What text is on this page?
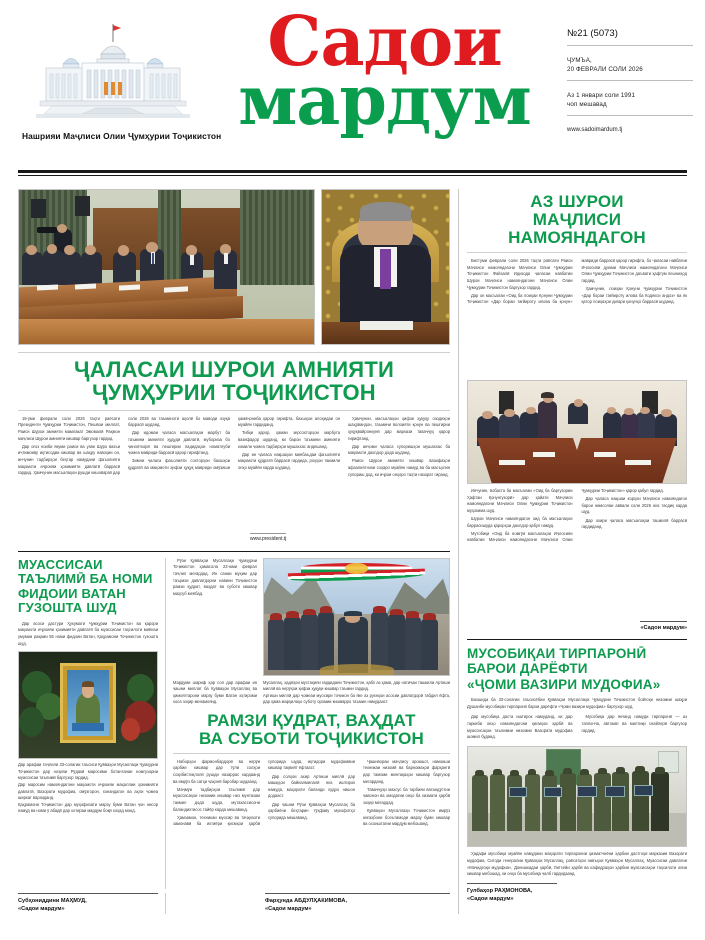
Нашрияи Маҷлиси Олии Ҷумҳурии Тоҷикистон
Садои
мардум
№21 (5073)
ҶУМЪА,
20 ФЕВРАЛИ СОЛИ 2026
Аз 1 январи соли 1991
чоп мешавад
www.sadoimardum.tj
ҶАЛАСАИ ШУРОИ АМНИЯТИ
ҶУМҲУРИИ ТОҶИКИСТОН

19-уми феврали соли 2026 таҳти раёсати Президенти Ҷумҳурии Тоҷикистон, Пешвои миллат, Раиси Шурои амнияти мамлакат Эмомалӣ Раҳмон маҷлиси Шурои амнияти кишвар баргузор гардид.

Дар оғоз ноиби якуми раиси ва узви Шуро вазъи иҷтимоиву иқтисодии кишвар ва шаҳру навоҳии он, инчунин тадбирҳои беҳтар намудани фаъолияти мақомоти иҷроияи ҳокимияти давлатӣ баррасӣ гардид. Ҳамчунин масъалаҳои рушди кишоварзӣ дар соли 2026 ва таъминоти аҳолӣ бо маводи озуқа баррасӣ шуданд.

Дар идомаи ҷаласа масъалаҳои марбут ба таъмини амнияти ҳудуди давлатӣ, мубориза бо ҷинояткорӣ ва пешгирии падидаҳои номатлуби ҷомеа мавриди баррасӣ қарор гирифтанд.

Зимни ҷаласа фаъолияти сохторҳои бахшҳои қудратӣ ва мақомоти ҳифзи ҳуқуқ мавриди омӯзиши ҳамаҷониба қарор гирифта, бахшҳои алоҳидаи он муайян гардиданд.

Тибқи қарор, ҳамаи зерсохторҳои марбута вазифадор шуданд, ки барои таъмини амнияти комили ҷомеа тадбирҳои мушаххас андешанд.

Дар ин ҷаласа нақшаҳои минбаъдаи фаъолияти мақомоти қудратӣ баррасӣ гардида, роҳҳои такмили онҳо муайян карда шуданд.

Ҳамчунин, масъалаҳои ҳифзи ҳуқуқу озодиҳои шаҳрвандон, таъмини волоияти қонун ва пешгирии ҳуқуқвайронкунӣ дар маркази таваҷҷуҳ қарор гирифтанд.

Дар анҷоми ҷаласа супоришҳои мушаххас ба мақомоти дахлдор дода шуданд.

Раиси Шурои амнияти кишвар вазифаҳои афзалиятноки соҳаро муайян намуд ва ба масъулин супориш дод, ки иҷрои онҳоро таҳти назорат гиранд.

www.president.tj
МУАССИСАИ
ТАЪЛИМӢ БА НОМИ
ФИДОИИ ВАТАН
ГУЗОШТА ШУД

Дар асоси дастури Ҳукумати Ҷумҳурии Тоҷикистон ва қарори мақомоти иҷроияи ҳокимияти давлатӣ ба муассисаи таҳсилоти миёнаи умумии рақами 55 номи фидоии Ватан, Қаҳрамони Тоҷикистон гузошта шуд.

Дар арафаи таҷлили 33-солагии таъсиси Қувваҳои Мусаллаҳи Ҷумҳурии Тоҷикистон дар ноҳияи Рӯдакӣ маросими ботантанаи номгузории муассисаи таълимӣ баргузор гардид.

Дар маросим намояндагони мақомоти иҷроияи маҳаллии ҳокимияти давлатӣ, Вазорати мудофиа, омӯзгорон, хонандагон ва аҳли ҷомеа ширкат варзиданд.

Қаҳрамони Тоҷикистон дар муҳофизати марзу буми Ватан ҷон нисор намуд ва номи ӯ абадӣ дар хотираи мардум боқӣ хоҳад монд.

Рӯзи Қувваҳои Мусаллаҳи Ҷумҳурии Тоҷикистон ҳамасола 23-юми феврал таҷлил мегардад. Ин санаи муҳим дар таърихи давлатдории навини Тоҷикистон рамзи қудрат, ваҳдат ва суботи кишвар маҳсуб меёбад.

Мардуми шариф ҳар сол дар арафаи ин ҷашни миллат ба Қувваҳои Мусаллаҳ ва ҳимоятгарони марзу буми Ватан эҳтироми хоса зоҳир менамоянд.

Мусаллаҳ, ҳадяҳои мустақили гардидани Тоҷикистон, қабл аз ҳама, дар натиҷаи ташкили Артиши миллӣ ва нерӯҳои ҳифзи ҳуқуқи кишвар таъмин гардид.

Артиши миллӣ дар ҷомеаи муосири тоҷикон ба яке аз рукнҳои асосии давлатдорӣ табдил ёфта, дар ҳама марҳилаҳо суботу оромии кишварро таъмин намудааст.

РАМЗИ ҚУДРАТ, ВАҲДАТ
ВА СУБОТИ ТОҶИКИСТОН

Наборҳои фармонбардорӣ ва нерӯи ҳарбии кишвар дар тӯли солҳои соҳибистиқлолӣ рушди назаррас кардаанд ва имрӯз ба сатҳи ҷаҳонӣ баробар шудаанд.

Маҷмӯи тадбирҳои таълимӣ дар муассисаҳои низомии кишвар низ мунтазам такмил дода шуда, мутахассисони баландихтисос тайёр карда мешаванд.

Ҳамзамон, техникаи муосир ва таҷҳизоти замонавӣ ба ихтиёри қисмҳои ҳарбӣ супорида шуда, иқтидори мудофиавии кишвар тақвият ёфтааст.

Дар солҳои ахир Артиши миллӣ дар машқҳои байналмилалӣ низ иштирок намуда, маҳорати баланди худро нишон додааст.

Дар ҷашни Рӯзи Қувваҳои Мусаллаҳ ба ҳарбиёни беҳтарин тӯҳфаву мукофотҳо супорида мешаванд.

Ҷашнвораи маҷлису ороишот, намоиши техникаи низомӣ ва барномаҳои фарҳангӣ дар тамоми минтақаҳои кишвар баргузор мегарданд.

Таваҷҷуҳи махсус ба тарбияи ватандӯстии ҷавонон ва омодагии онҳо ба хизмати ҳарбӣ зоҳир мегардад.

Қувваҳои Мусаллаҳи Тоҷикистон имрӯз нигаҳбони боэътимоди марзу буми кишвар ва осоиштагии мардум мебошанд.

Субҳониддини МАҲМУД,
«Садои мардум»
Фарҳунда АБДУЛҲАКИМОВА,
«Садои мардум»
АЗ ШУРОИ
МАҶЛИСИ НАМОЯНДАГОН

Бистуми феврали соли 2026 таҳти раёсати Раиси Маҷлиси намояндагони Маҷлиси Олии Ҷумҳурии Тоҷикистон Файзалӣ Идизода ҷаласаи навбатии Шурои Маҷлиси намояндагони Маҷлиси Олии Ҷумҳурии Тоҷикистон баргузор гардид.

Дар он масъалаи «Оид ба лоиҳаи Қонуни Ҷумҳурии Тоҷикистон «Дар бораи тағйироту илова ба қонун» мавриди баррасӣ қарор гирифта, бо ҷаласаи навбатии Иҷлосияи дуюми Маҷлиси намояндагони Маҷлиси Олии Ҷумҳурии Тоҷикистон даъвати ҳафтум пешниҳод гардид.

Ҳамчунин, лоиҳаи Қонуни Ҷумҳурии Тоҷикистон «Дар бораи тағйироту илова ба Кодекси андоз» ва як қатор лоиҳаҳои дигари қонунҳо баррасӣ шуданд.

Инчунин, вобаста ба масъалаи «Оид ба баргузории Ҳафтаи Қонунгузорӣ» дар ҳайати Маҷлиси намояндагони Маҷлиси Олии Ҷумҳурии Тоҷикистон муҳокима шуд.

Шурои Маҷлиси намояндагон оид ба масъалаҳои баррасишуда қарорҳои дахлдор қабул намуд.

Мутобиқи «Оид ба номгӯи масъалаҳои Иҷлосияи навбатии Маҷлиси намояндагони Маҷлиси Олии Ҷумҳурии Тоҷикистон» қарор қабул гардид.

Дар ҷаласа нақшаи корҳои Маҷлиси намояндагон барои нимсолаи аввали соли 2026 низ тасдиқ карда шуд.

Дар охири ҷаласа масъалаҳои ташкилӣ баррасӣ гардиданд.

«Садои мардум»
МУСОБИҚАИ ТИРПАРОНӢ
БАРОИ ДАРЁФТИ
«ҶОМИ ВАЗИРИ МУДОФИА»

Бахшида ба 33-солагии таъсисёбии Қувваҳои Мусаллаҳи Ҷумҳурии Тоҷикистон бойгоҳи низомии шаҳри Душанбе мусобиқаи тирпаронӣ барои дарёфти «Ҷоми вазири мудофиа» баргузор шуд.

Дар мусобиқа даста иштирок намуданд, ки дар таркиби онҳо намояндагони қисмҳои ҳарбӣ ва муассисаҳои таълимии низомии Вазорати мудофиа шомил буданд.

Мусобиқа дар якчанд намуди тирпаронӣ — аз таппонча, автомат ва милтиқи снайперӣ баргузор гардид.

Ҳадафи мусобиқа муайян намудани маҳорати тирпаронии ҳизматчиёни ҳарбии дастгоҳи марказии Вазорати мудофиа, Ситоди генералии Қувваҳои Мусаллаҳ, раёсатҳои навъҳои Қувваҳои Мусаллаҳ, Муассисаи давлатии «Маҷидгоҳи мудофиа», Донишкадаи ҳарбӣ, Литсейи ҳарбӣ ва кафедраҳои ҳарбии муассисаҳои таҳсилоти олии кишвар мебошад, ки онҳо ба мусобиқа ҷалб гардидаанд.

Гулбаҳор РАҲМОНОВА,
«Садои мардум»
